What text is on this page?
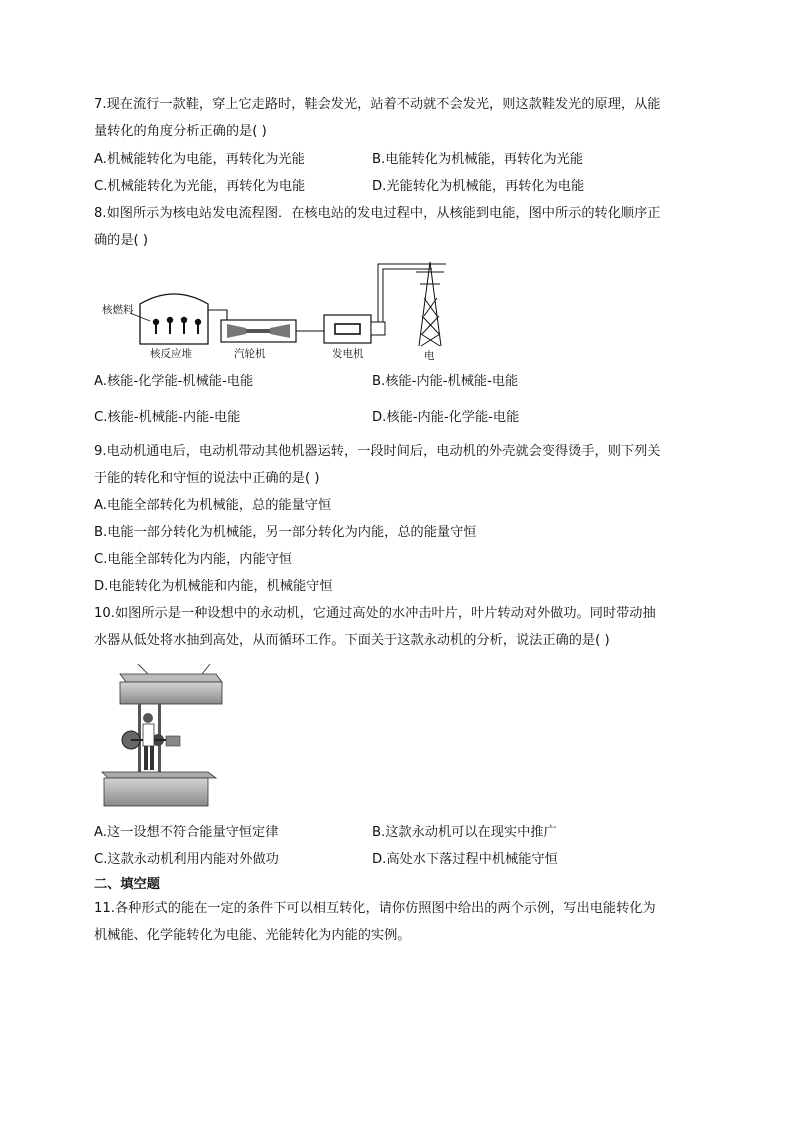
7.现在流行一款鞋，穿上它走路时，鞋会发光，站着不动就不会发光，则这款鞋发光的原理，从能
量转化的角度分析正确的是( )
A.机械能转化为电能，再转化为光能	B.电能转化为机械能，再转化为光能
C.机械能转化为光能，再转化为电能	D.光能转化为机械能，再转化为电能
8.如图所示为核电站发电流程图．在核电站的发电过程中，从核能到电能，图中所示的转化顺序正
确的是( )
核燃料
核反应堆	汽轮机	发电机	电
A.核能-化学能-机械能-电能	B.核能-内能-机械能-电能
C.核能-机械能-内能-电能	D.核能-内能-化学能-电能
9.电动机通电后，电动机带动其他机器运转，一段时间后，电动机的外壳就会变得烫手，则下列关
于能的转化和守恒的说法中正确的是( )
A.电能全部转化为机械能，总的能量守恒
B.电能一部分转化为机械能，另一部分转化为内能，总的能量守恒
C.电能全部转化为内能，内能守恒
D.电能转化为机械能和内能，机械能守恒
10.如图所示是一种设想中的永动机，它通过高处的水冲击叶片，叶片转动对外做功。同时带动抽
水器从低处将水抽到高处，从而循环工作。下面关于这款永动机的分析，说法正确的是( )
A.这一设想不符合能量守恒定律	B.这款永动机可以在现实中推广
C.这款永动机利用内能对外做功	D.高处水下落过程中机械能守恒
二、填空题
11.各种形式的能在一定的条件下可以相互转化，请你仿照图中给出的两个示例，写出电能转化为
机械能、化学能转化为电能、光能转化为内能的实例。
